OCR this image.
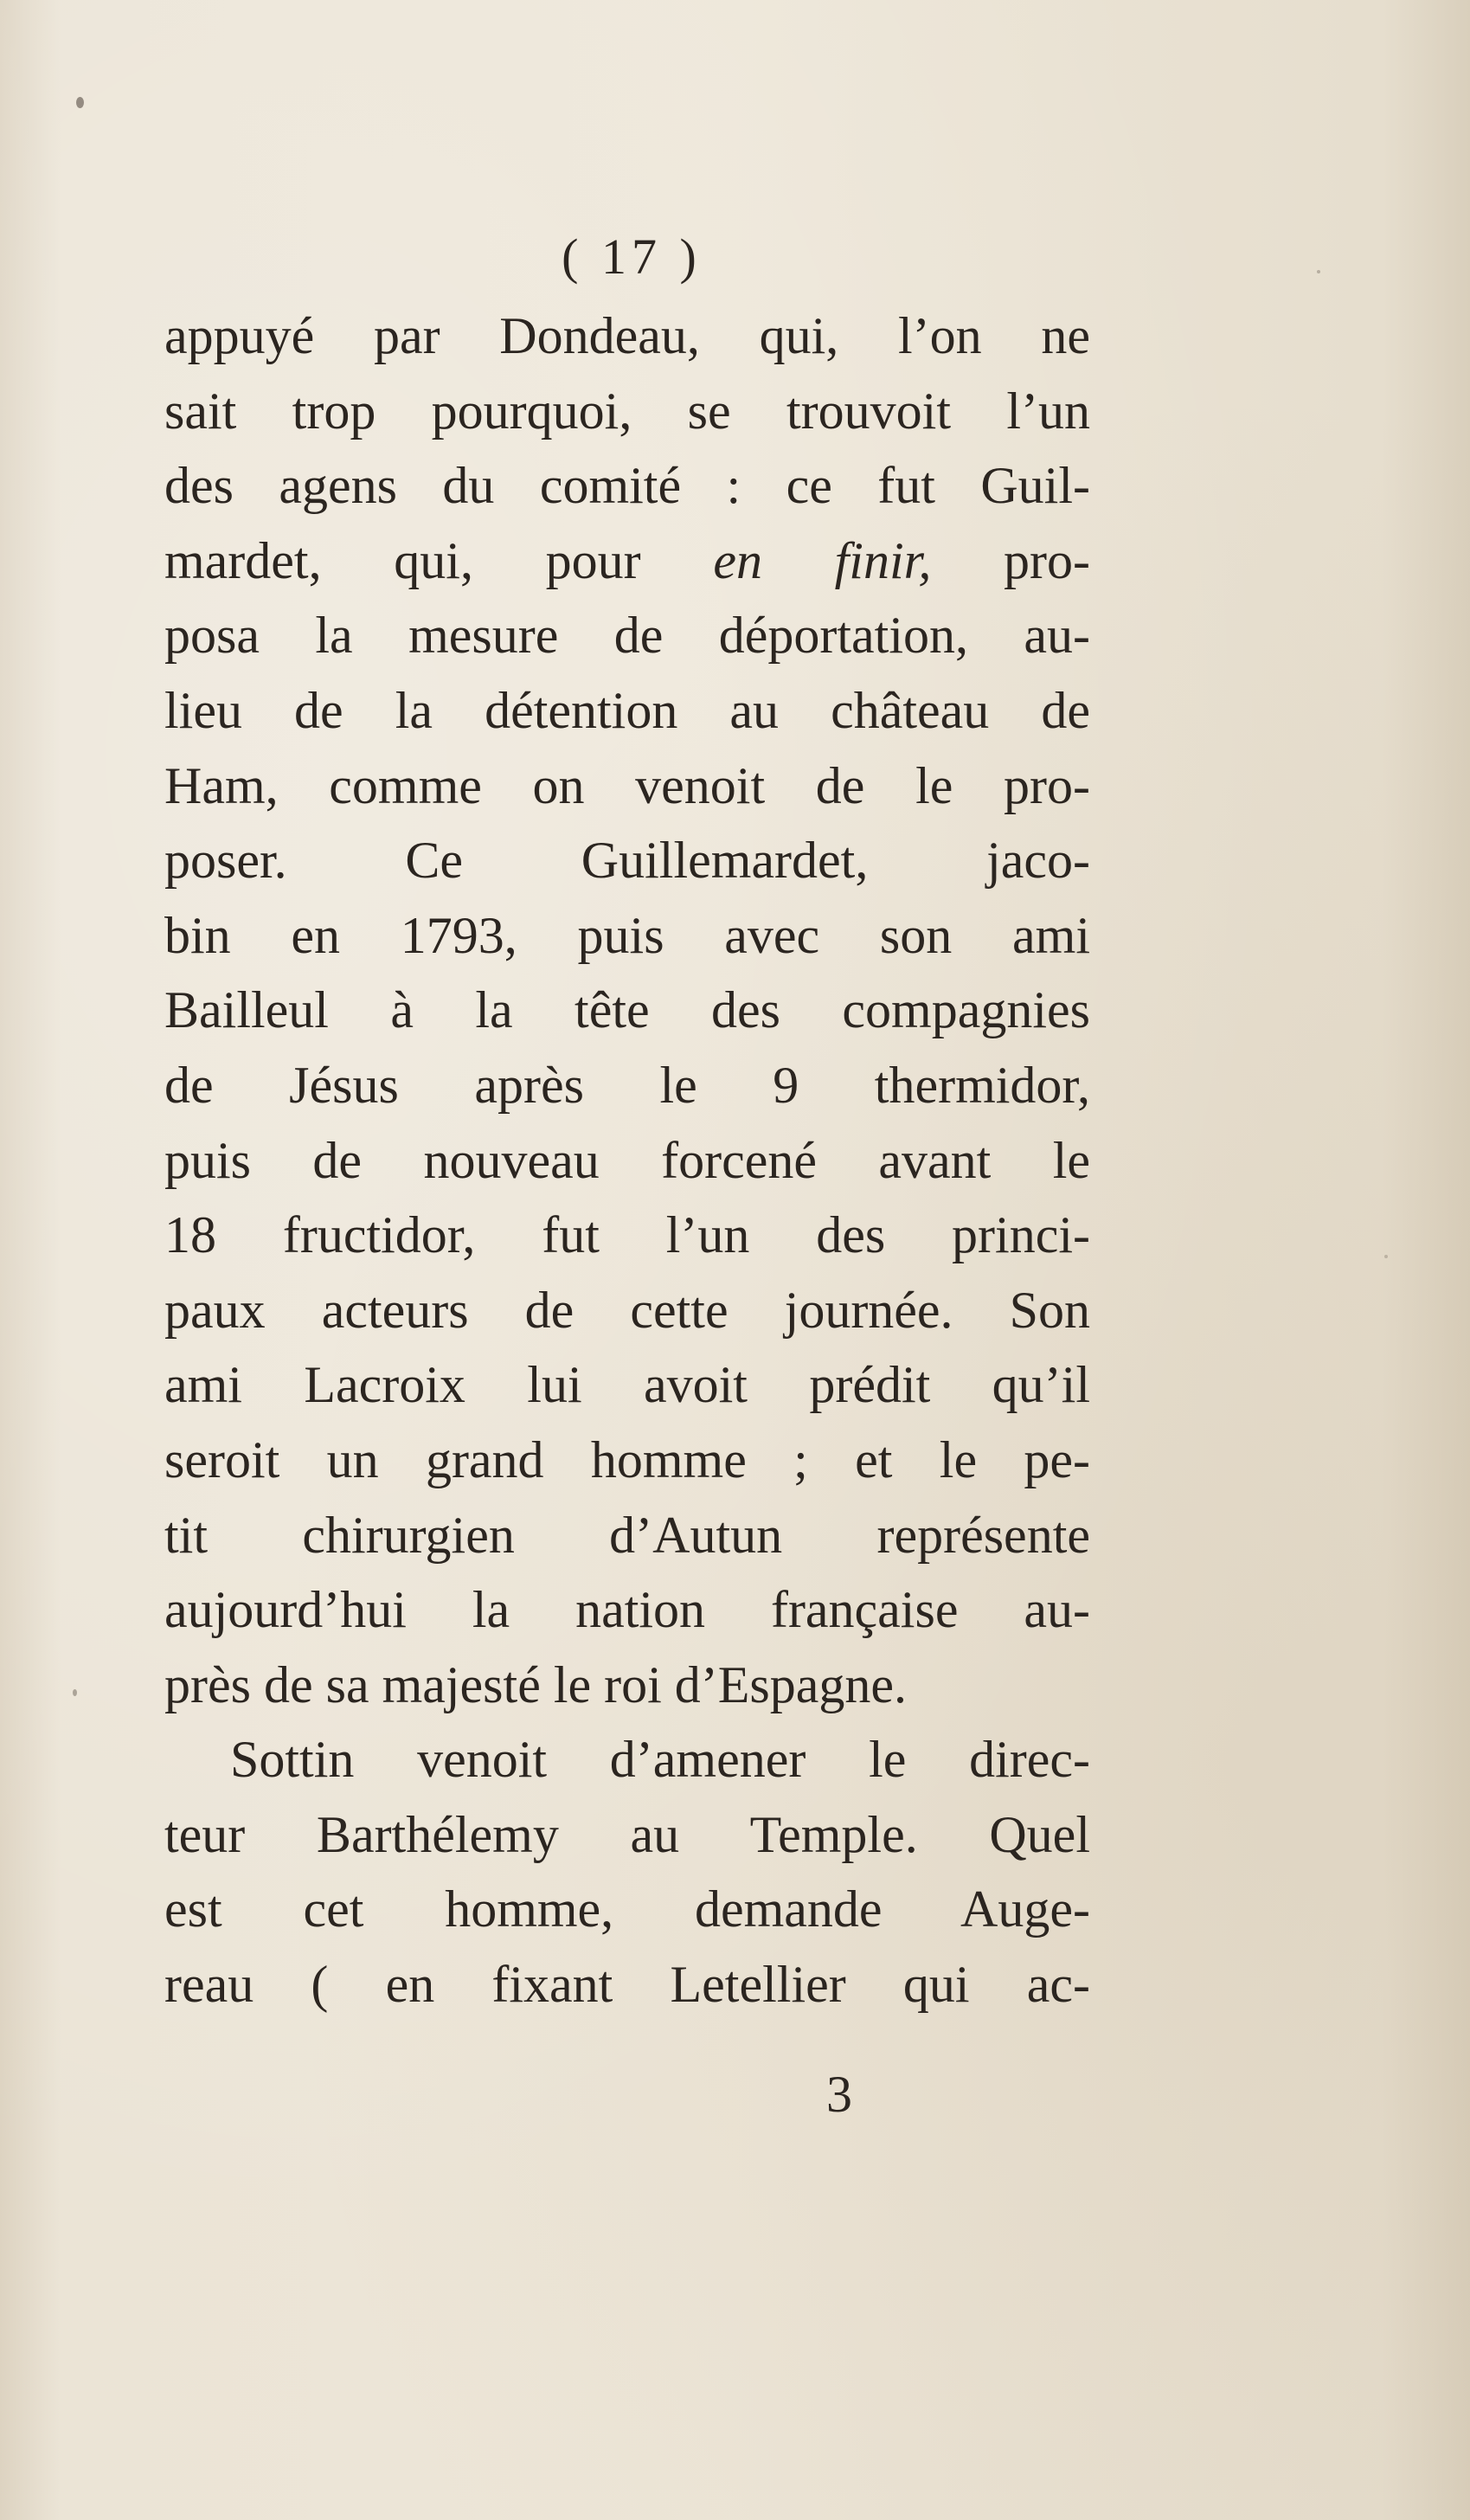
( 17 )
appuyé par Dondeau, qui, l’on ne
sait trop pourquoi, se trouvoit l’un
des agens du comité : ce fut Guil-
mardet, qui, pour en finir, pro-
posa la mesure de déportation, au-
lieu de la détention au château de
Ham, comme on venoit de le pro-
poser. Ce Guillemardet, jaco-
bin en 1793, puis avec son ami
Bailleul à la tête des compagnies
de Jésus après le 9 thermidor,
puis de nouveau forcené avant le
18 fructidor, fut l’un des princi-
paux acteurs de cette journée. Son
ami Lacroix lui avoit prédit qu’il
seroit un grand homme ; et le pe-
tit chirurgien d’Autun représente
aujourd’hui la nation française au-
près de sa majesté le roi d’Espagne.
Sottin venoit d’amener le direc-
teur Barthélemy au Temple. Quel
est cet homme, demande Auge-
reau ( en fixant Letellier qui ac-
3
